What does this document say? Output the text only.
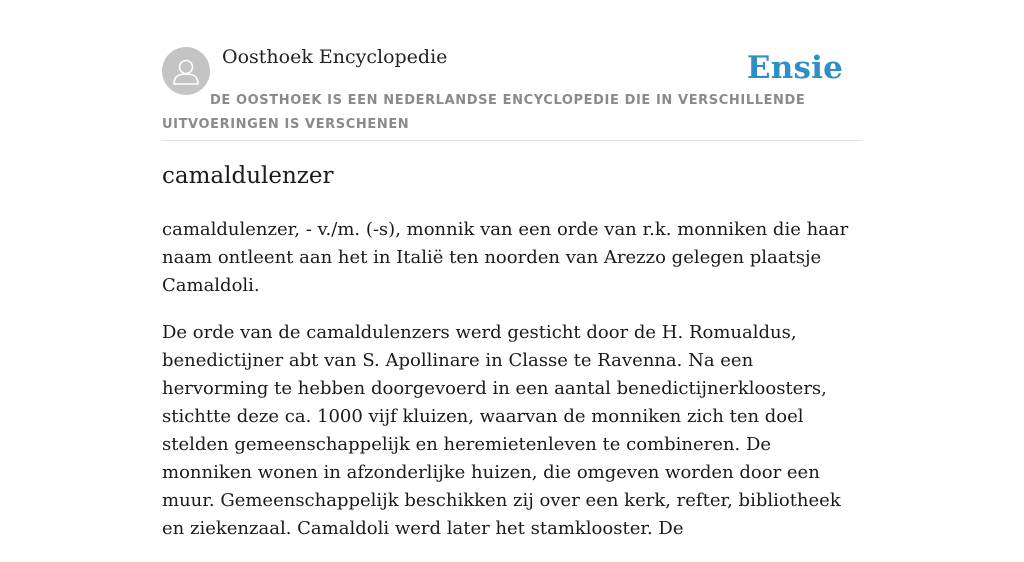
Oosthoek Encyclopedie	Ensie
DE OOSTHOEK IS EEN NEDERLANDSE ENCYCLOPEDIE DIE IN VERSCHILLENDE UITVOERINGEN IS VERSCHENEN
camaldulenzer

camaldulenzer, - v./m. (-s), monnik van een orde van r.k. monniken die haar naam ontleent aan het in Italië ten noorden van Arezzo gelegen plaatsje Camaldoli.

De orde van de camaldulenzers werd gesticht door de H. Romualdus, benedictijner abt van S. Apollinare in Classe te Ravenna. Na een hervorming te hebben doorgevoerd in een aantal benedictijnerkloosters, stichtte deze ca. 1000 vijf kluizen, waarvan de monniken zich ten doel stelden gemeenschappelijk en heremietenleven te combineren. De monniken wonen in afzonderlijke huizen, die omgeven worden door een muur. Gemeenschappelijk beschikken zij over een kerk, refter, bibliotheek en ziekenzaal. Camaldoli werd later het stamklooster. De
